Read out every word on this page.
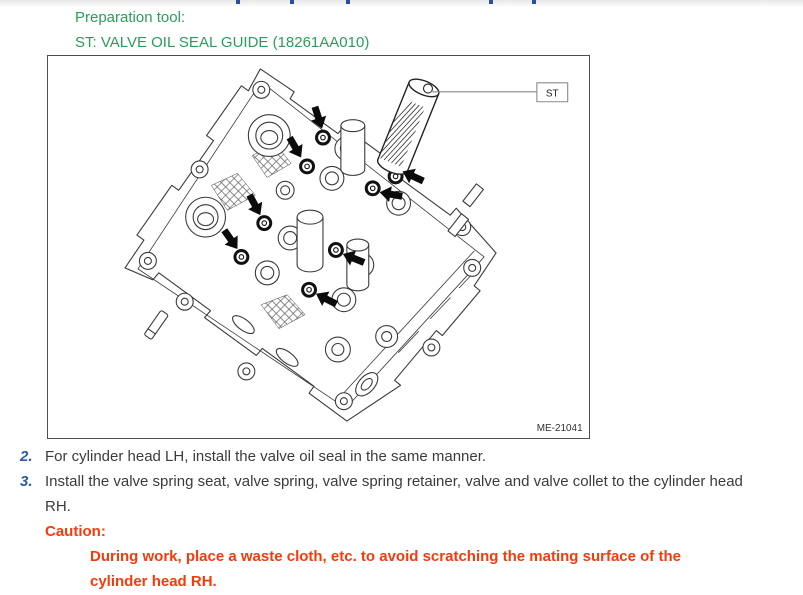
Preparation tool:
ST: VALVE OIL SEAL GUIDE (18261AA010)
ST
ME-21041
2. For cylinder head LH, install the valve oil seal in the same manner.
3. Install the valve spring seat, valve spring, valve spring retainer, valve and valve collet to the cylinder head RH.
Caution:
During work, place a waste cloth, etc. to avoid scratching the mating surface of the cylinder head RH.
